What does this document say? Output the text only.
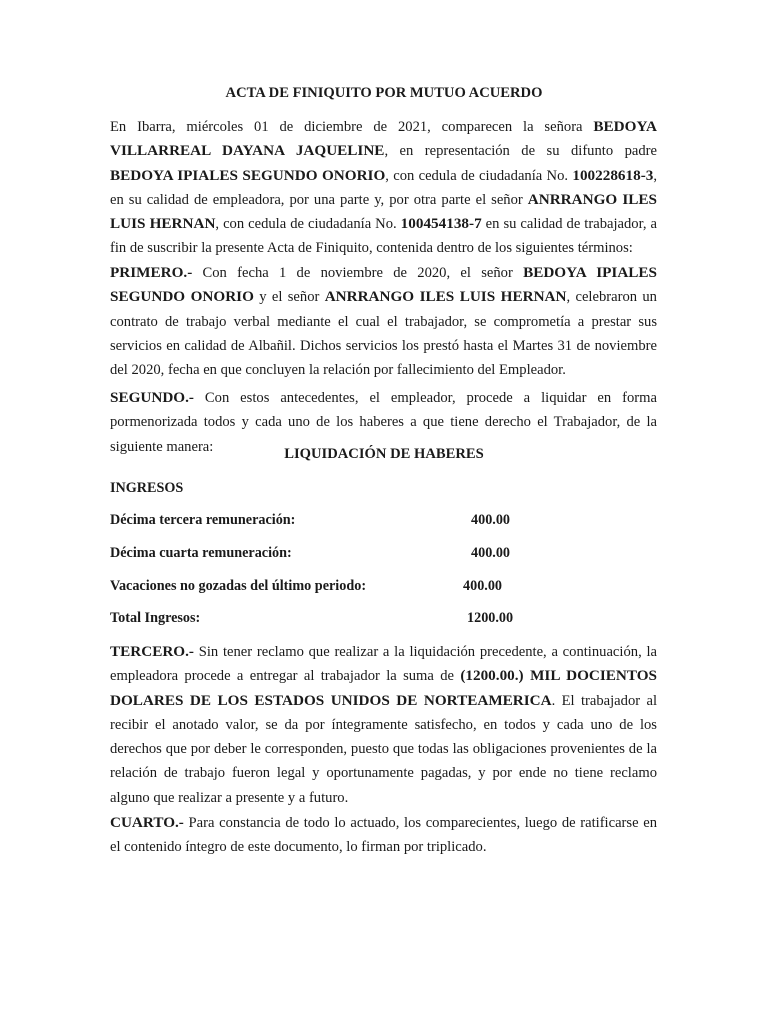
ACTA DE FINIQUITO POR MUTUO ACUERDO

En Ibarra, miércoles 01 de diciembre de 2021, comparecen la señora BEDOYA VILLARREAL DAYANA JAQUELINE, en representación de su difunto padre BEDOYA IPIALES SEGUNDO ONORIO, con cedula de ciudadanía No. 100228618-3, en su calidad de empleadora, por una parte y, por otra parte el señor ANRRANGO ILES LUIS HERNAN, con cedula de ciudadanía No. 100454138-7 en su calidad de trabajador, a fin de suscribir la presente Acta de Finiquito, contenida dentro de los siguientes términos:

PRIMERO.- Con fecha 1 de noviembre de 2020, el señor BEDOYA IPIALES SEGUNDO ONORIO y el señor ANRRANGO ILES LUIS HERNAN, celebraron un contrato de trabajo verbal mediante el cual el trabajador, se comprometía a prestar sus servicios en calidad de Albañil. Dichos servicios los prestó hasta el Martes 31 de noviembre del 2020, fecha en que concluyen la relación por fallecimiento del Empleador.

SEGUNDO.- Con estos antecedentes, el empleador, procede a liquidar en forma pormenorizada todos y cada uno de los haberes a que tiene derecho el Trabajador, de la siguiente manera:	LIQUIDACIÓN DE HABERES
INGRESOS
Décima tercera remuneración:	400.00
Décima cuarta remuneración:	400.00
Vacaciones no gozadas del último periodo:	400.00
Total Ingresos:	1200.00

TERCERO.- Sin tener reclamo que realizar a la liquidación precedente, a continuación, la empleadora procede a entregar al trabajador la suma de (1200.00.) MIL DOCIENTOS DOLARES DE LOS ESTADOS UNIDOS DE NORTEAMERICA. El trabajador al recibir el anotado valor, se da por íntegramente satisfecho, en todos y cada uno de los derechos que por deber le corresponden, puesto que todas las obligaciones provenientes de la relación de trabajo fueron legal y oportunamente pagadas, y por ende no tiene reclamo alguno que realizar a presente y a futuro.

CUARTO.- Para constancia de todo lo actuado, los comparecientes, luego de ratificarse en el contenido íntegro de este documento, lo firman por triplicado.
